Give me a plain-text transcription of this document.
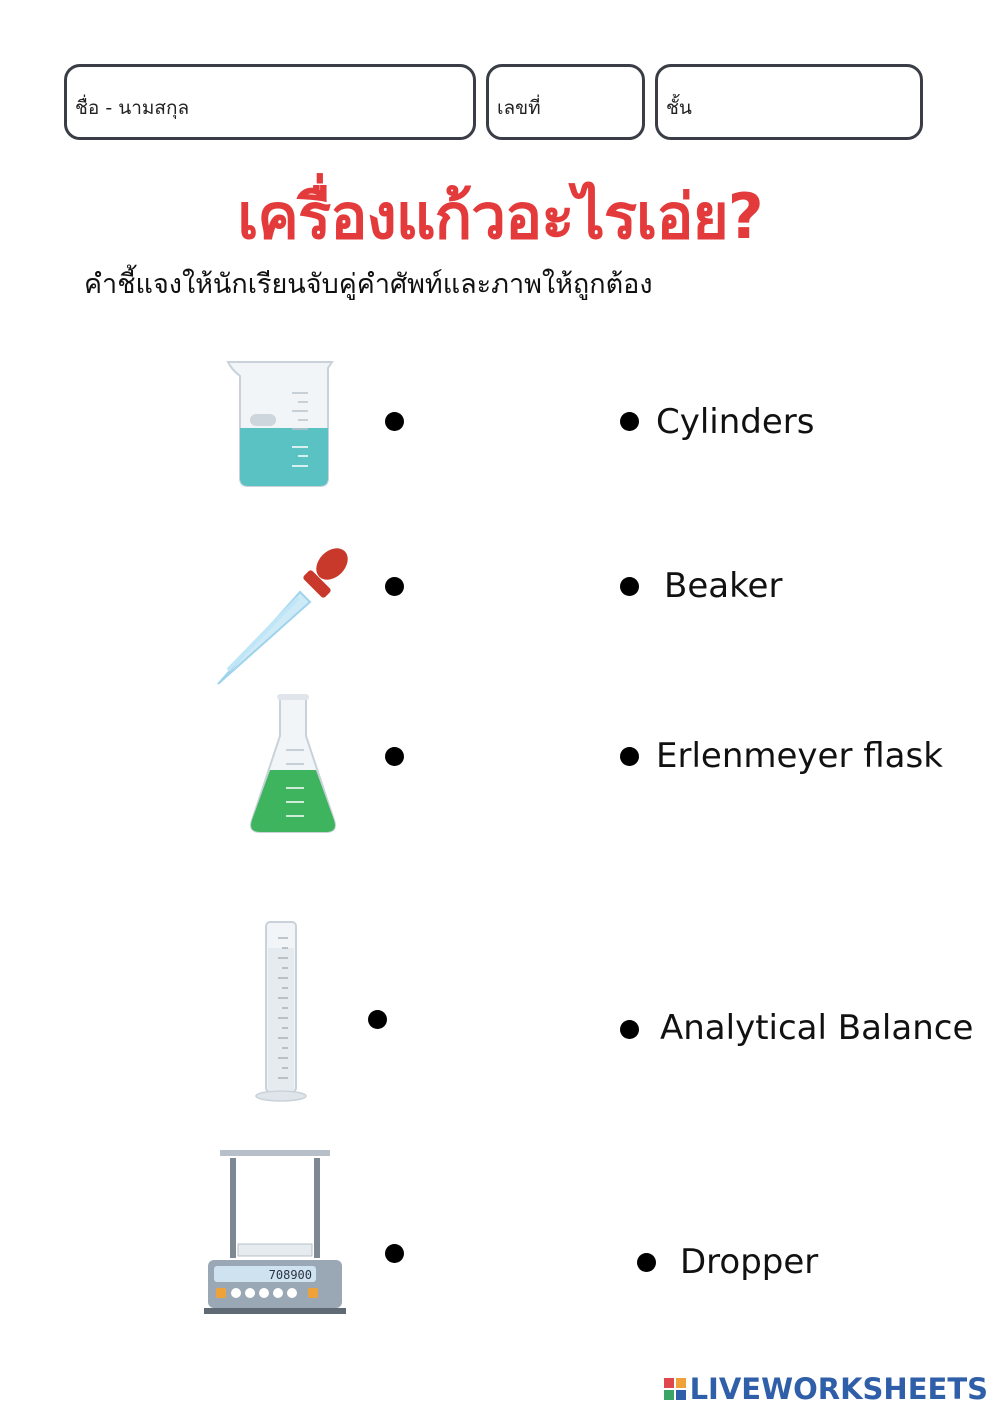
ชื่อ - นามสกุล	เลขที่	ชั้น
เครื่องแก้วอะไรเอ่ย?
คำชี้แจงให้นักเรียนจับคู่คำศัพท์และภาพให้ถูกต้อง
708900
Cylinders
Beaker
Erlenmeyer flask
Analytical Balance
Dropper
LIVEWORKSHEETS
